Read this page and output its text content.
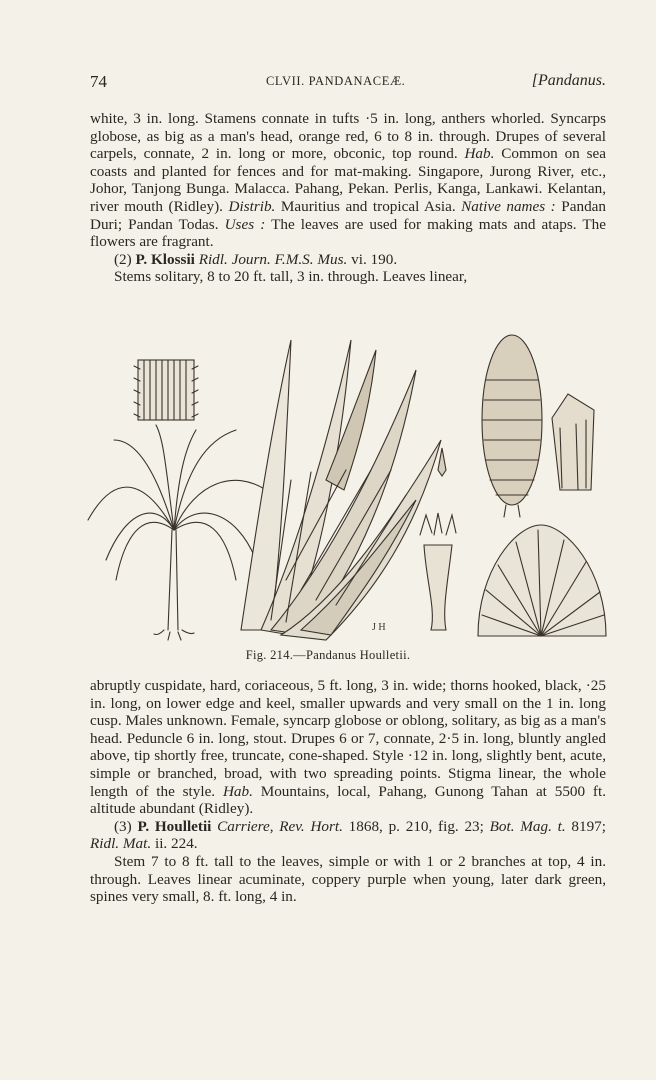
74	CLVII. PANDANACEÆ.	[Pandanus.

white, 3 in. long. Stamens connate in tufts ·5 in. long, anthers whorled. Syncarps globose, as big as a man's head, orange red, 6 to 8 in. through. Drupes of several carpels, connate, 2 in. long or more, obconic, top round. Hab. Common on sea coasts and planted for fences and for mat-making. Singapore, Jurong River, etc., Johor, Tanjong Bunga. Malacca. Pahang, Pekan. Perlis, Kanga, Lankawi. Kelantan, river mouth (Ridley). Distrib. Mauritius and tropical Asia. Native names : Pandan Duri; Pandan Todas. Uses : The leaves are used for making mats and ataps. The flowers are fragrant.

(2) P. Klossii Ridl. Journ. F.M.S. Mus. vi. 190.

Stems solitary, 8 to 20 ft. tall, 3 in. through. Leaves linear,

J H
Fig. 214.—Pandanus Houlletii.

abruptly cuspidate, hard, coriaceous, 5 ft. long, 3 in. wide; thorns hooked, black, ·25 in. long, on lower edge and keel, smaller upwards and very small on the 1 in. long cusp. Males unknown. Female, syncarp globose or oblong, solitary, as big as a man's head. Peduncle 6 in. long, stout. Drupes 6 or 7, connate, 2·5 in. long, bluntly angled above, tip shortly free, truncate, cone-shaped. Style ·12 in. long, slightly bent, acute, simple or branched, broad, with two spreading points. Stigma linear, the whole length of the style. Hab. Mountains, local, Pahang, Gunong Tahan at 5500 ft. altitude abundant (Ridley).

(3) P. Houlletii Carriere, Rev. Hort. 1868, p. 210, fig. 23; Bot. Mag. t. 8197; Ridl. Mat. ii. 224.

Stem 7 to 8 ft. tall to the leaves, simple or with 1 or 2 branches at top, 4 in. through. Leaves linear acuminate, coppery purple when young, later dark green, spines very small, 8. ft. long, 4 in.
